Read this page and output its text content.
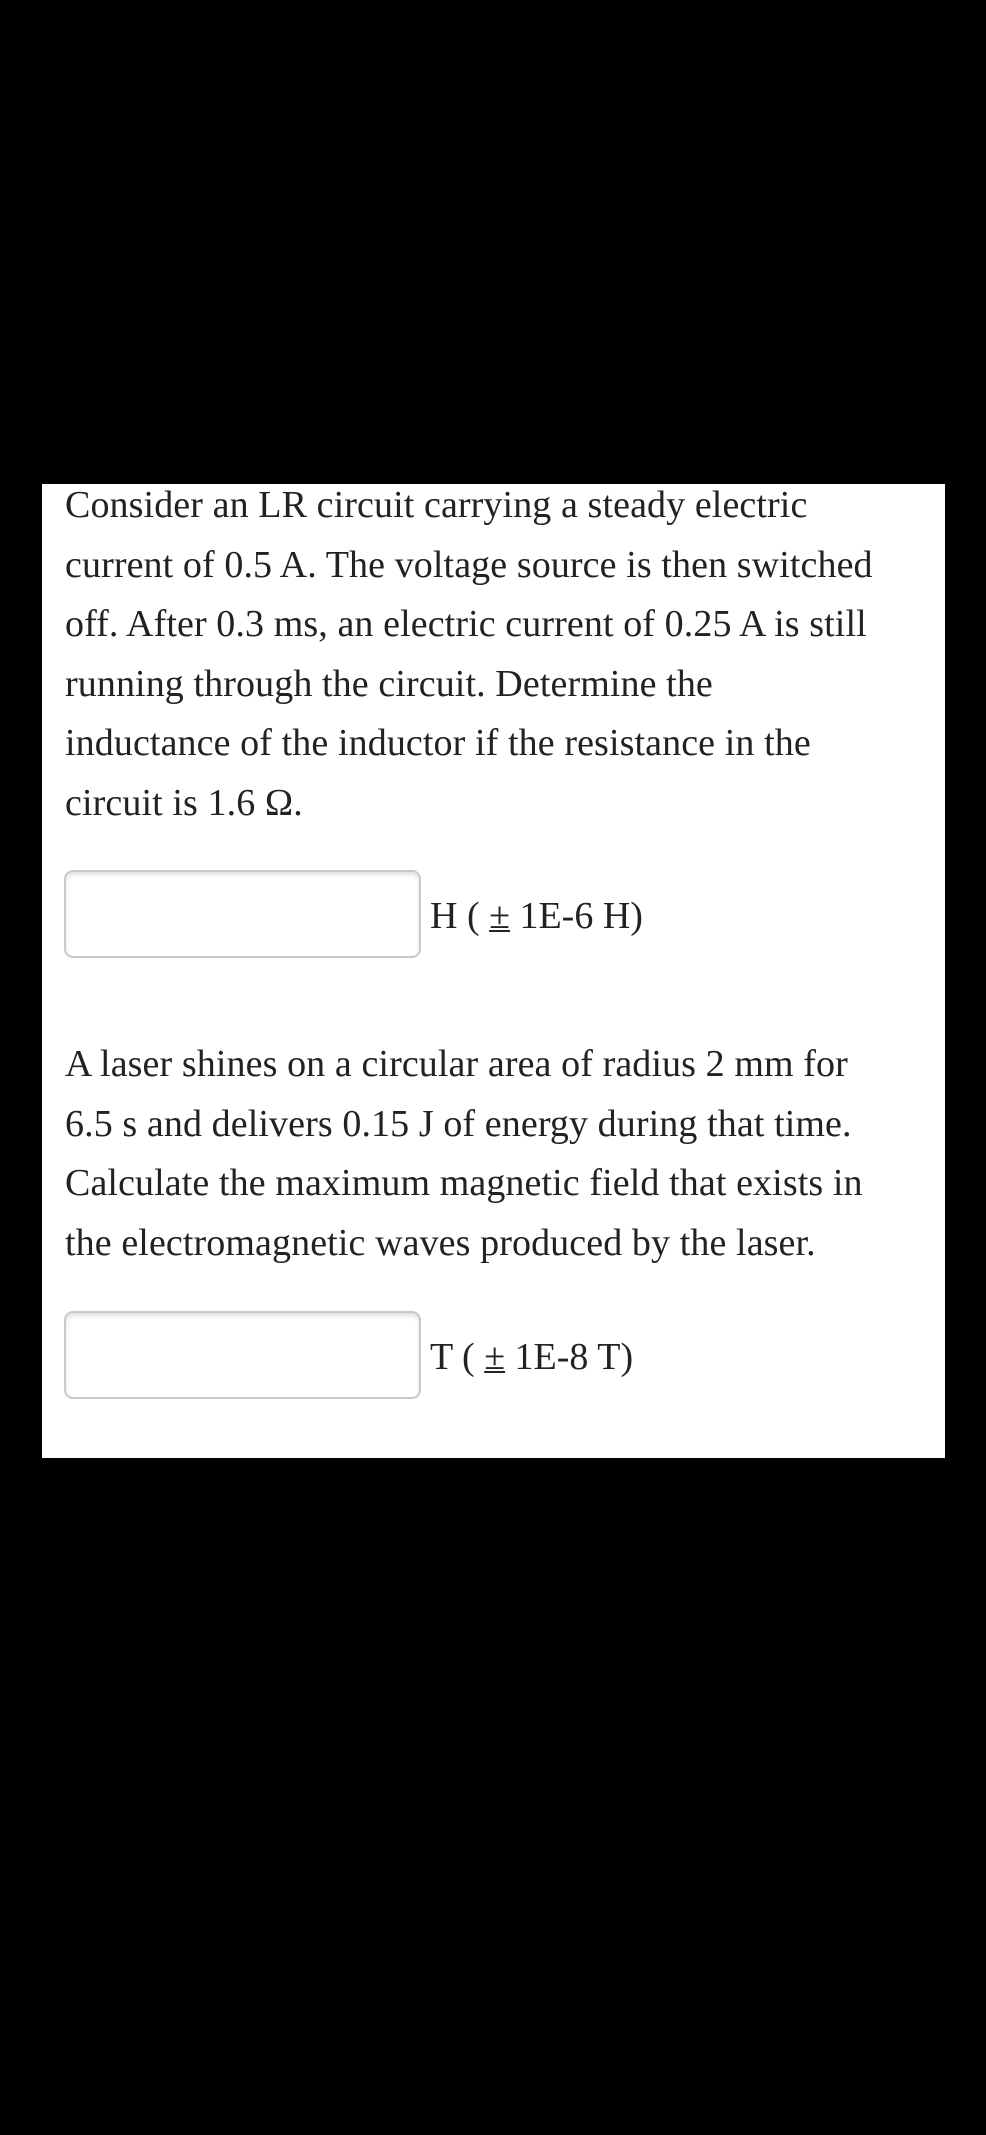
Consider an LR circuit carrying a steady electric
current of 0.5 A. The voltage source is then switched
off. After 0.3 ms, an electric current of 0.25 A is still
running through the circuit. Determine the
inductance of the inductor if the resistance in the
circuit is 1.6 Ω.
H ( ± 1E-6 H)
A laser shines on a circular area of radius 2 mm for
6.5 s and delivers 0.15 J of energy during that time.
Calculate the maximum magnetic field that exists in
the electromagnetic waves produced by the laser.
T ( ± 1E-8 T)
